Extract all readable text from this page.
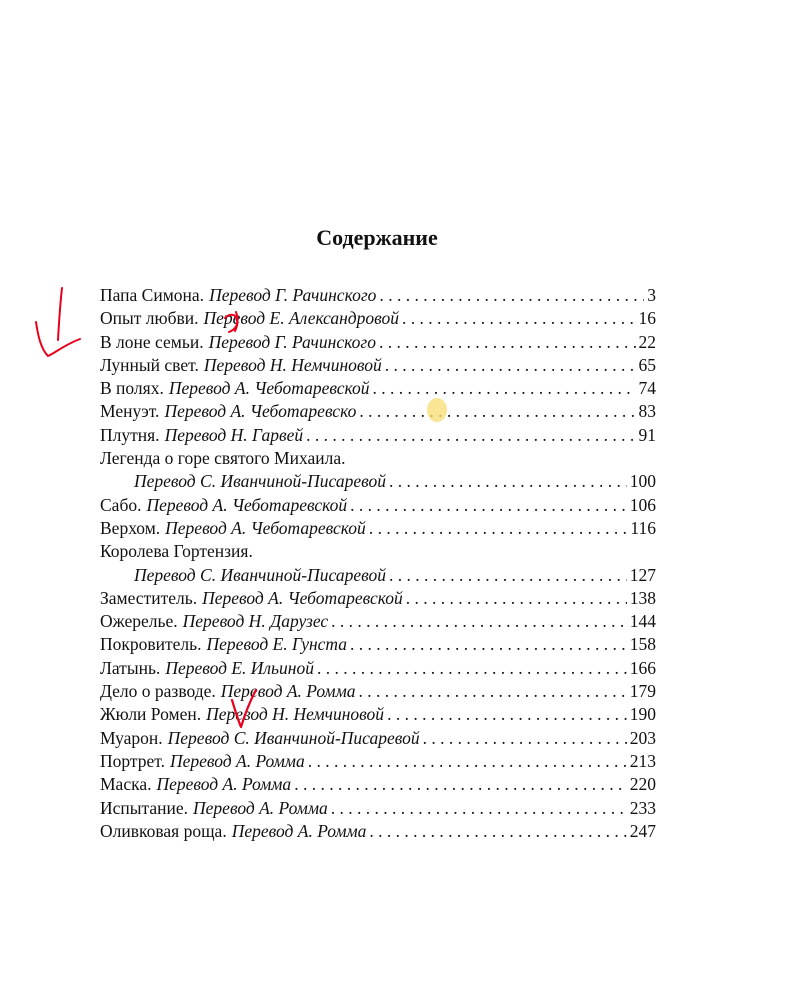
Содержание
Папа Симона. Перевод Г. Рачинского . . .	3
Опыт любви. Перевод Е. Александровой . . .	16
В лоне семьи. Перевод Г. Рачинского . . .	22
Лунный свет. Перевод Н. Немчиновой . . .	65
В полях. Перевод А. Чеботаревской . . .	74
Менуэт. Перевод А. Чеботаревско . . .	83
Плутня. Перевод Н. Гарвей . . .	91
Легенда о горе святого Михаила.
Перевод С. Иванчиной-Писаревой . . .	100
Сабо. Перевод А. Чеботаревской . . .	106
Верхом. Перевод А. Чеботаревской . . .	116
Королева Гортензия.
Перевод С. Иванчиной-Писаревой . . .	127
Заместитель. Перевод А. Чеботаревской . . .	138
Ожерелье. Перевод Н. Дарузес . . .	144
Покровитель. Перевод Е. Гунста . . .	158
Латынь. Перевод Е. Ильиной . . .	166
Дело о разводе. Перевод А. Ромма . . .	179
Жюли Ромен. Перевод Н. Немчиновой . . .	190
Муарон. Перевод С. Иванчиной-Писаревой . . .	203
Портрет. Перевод А. Ромма . . .	213
Маска. Перевод А. Ромма . . .	220
Испытание. Перевод А. Ромма . . .	233
Оливковая роща. Перевод А. Ромма . . .	247
